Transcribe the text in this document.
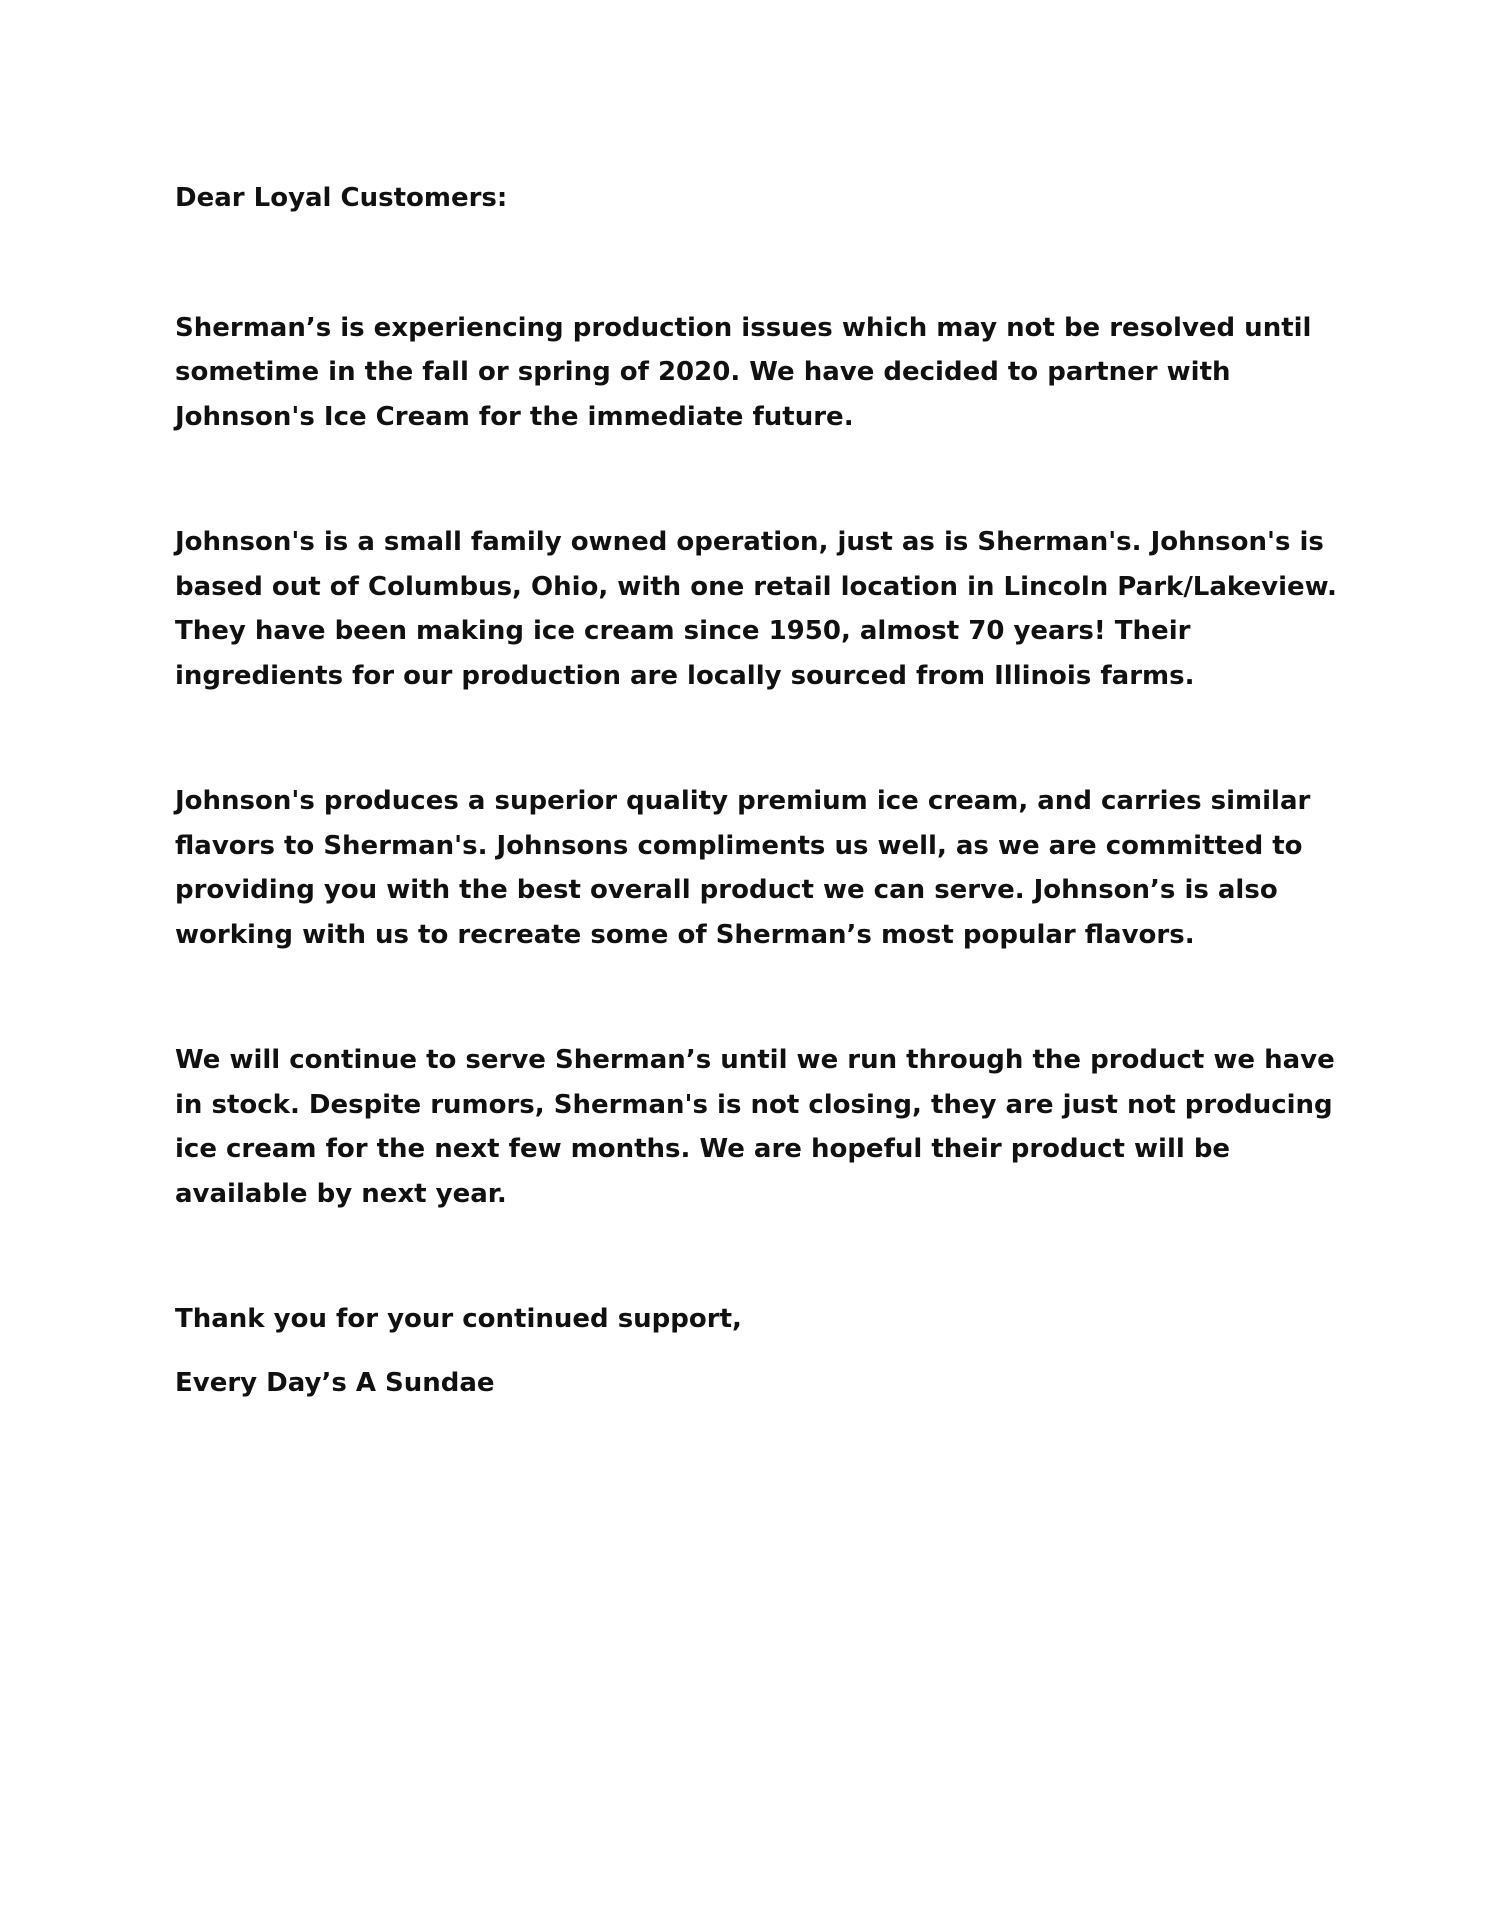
Dear Loyal Customers:
Sherman’s is experiencing production issues which may not be resolved until
sometime in the fall or spring of 2020. We have decided to partner with
Johnson's Ice Cream for the immediate future.
Johnson's is a small family owned operation, just as is Sherman's. Johnson's is
based out of Columbus, Ohio, with one retail location in Lincoln Park/Lakeview.
They have been making ice cream since 1950, almost 70 years! Their
ingredients for our production are locally sourced from Illinois farms.
Johnson's produces a superior quality premium ice cream, and carries similar
flavors to Sherman's. Johnsons compliments us well, as we are committed to
providing you with the best overall product we can serve. Johnson’s is also
working with us to recreate some of Sherman’s most popular flavors.
We will continue to serve Sherman’s until we run through the product we have
in stock. Despite rumors, Sherman's is not closing, they are just not producing
ice cream for the next few months. We are hopeful their product will be
available by next year.
Thank you for your continued support,
Every Day’s A Sundae
